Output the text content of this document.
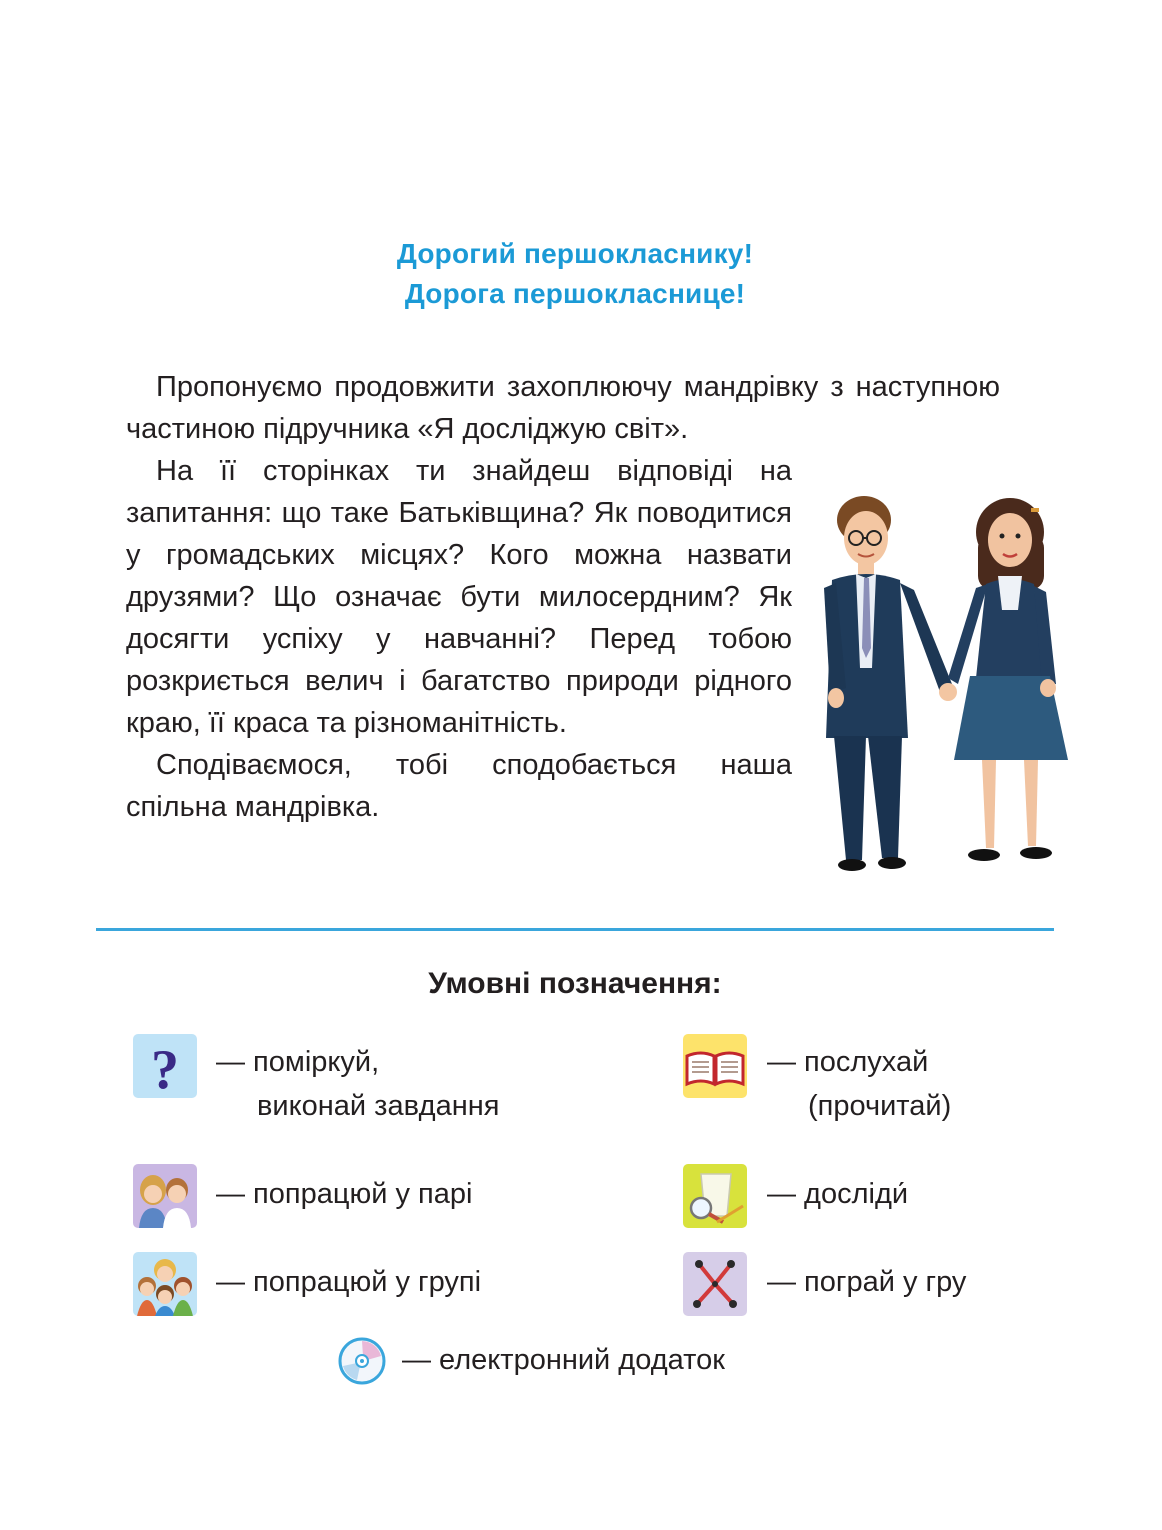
Дорогий першокласнику!
Дорога першокласнице!

Пропонуємо продовжити захоплюючу мандрівку з наступною частиною підручника «Я досліджую світ».

На її сторінках ти знайдеш відповіді на запитання: що таке Батьківщина? Як поводитися у громадських місцях? Кого можна назвати друзями? Що означає бути милосердним? Як досягти успіху у навчанні? Перед тобою розкриється велич і багатство природи рідного краю, її краса та різноманітність.

Сподіваємося, тобі сподобається наша спільна мандрівка.

Умовні позначення:
? — поміркуй,
виконай завдання
— послухай
(прочитай)
— попрацюй у парі	— досліди́
— попрацюй у групі	— пограй у гру
— електронний додаток
